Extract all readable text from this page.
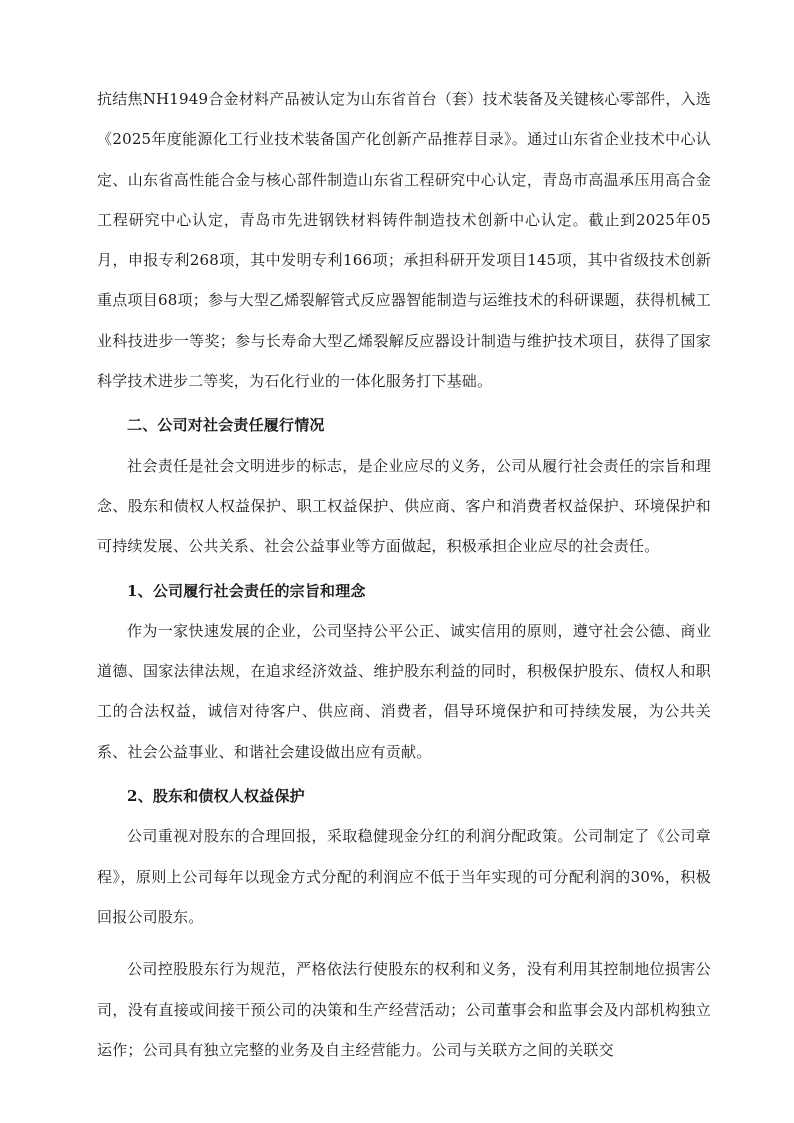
抗结焦NH1949合金材料产品被认定为山东省首台（套）技术装备及关键核心零部件，入选《2025年度能源化工行业技术装备国产化创新产品推荐目录》。通过山东省企业技术中心认定、山东省高性能合金与核心部件制造山东省工程研究中心认定，青岛市高温承压用高合金工程研究中心认定，青岛市先进钢铁材料铸件制造技术创新中心认定。截止到2025年05月，申报专利268项，其中发明专利166项；承担科研开发项目145项，其中省级技术创新重点项目68项；参与大型乙烯裂解管式反应器智能制造与运维技术的科研课题，获得机械工业科技进步一等奖；参与长寿命大型乙烯裂解反应器设计制造与维护技术项目，获得了国家科学技术进步二等奖，为石化行业的一体化服务打下基础。

二、公司对社会责任履行情况

社会责任是社会文明进步的标志，是企业应尽的义务，公司从履行社会责任的宗旨和理念、股东和债权人权益保护、职工权益保护、供应商、客户和消费者权益保护、环境保护和可持续发展、公共关系、社会公益事业等方面做起，积极承担企业应尽的社会责任。

1、公司履行社会责任的宗旨和理念

作为一家快速发展的企业，公司坚持公平公正、诚实信用的原则，遵守社会公德、商业道德、国家法律法规，在追求经济效益、维护股东利益的同时，积极保护股东、债权人和职工的合法权益，诚信对待客户、供应商、消费者，倡导环境保护和可持续发展，为公共关系、社会公益事业、和谐社会建设做出应有贡献。

2、股东和债权人权益保护

公司重视对股东的合理回报，采取稳健现金分红的利润分配政策。公司制定了《公司章程》，原则上公司每年以现金方式分配的利润应不低于当年实现的可分配利润的30%，积极回报公司股东。

公司控股股东行为规范，严格依法行使股东的权利和义务，没有利用其控制地位损害公司，没有直接或间接干预公司的决策和生产经营活动；公司董事会和监事会及内部机构独立运作；公司具有独立完整的业务及自主经营能力。公司与关联方之间的关联交
